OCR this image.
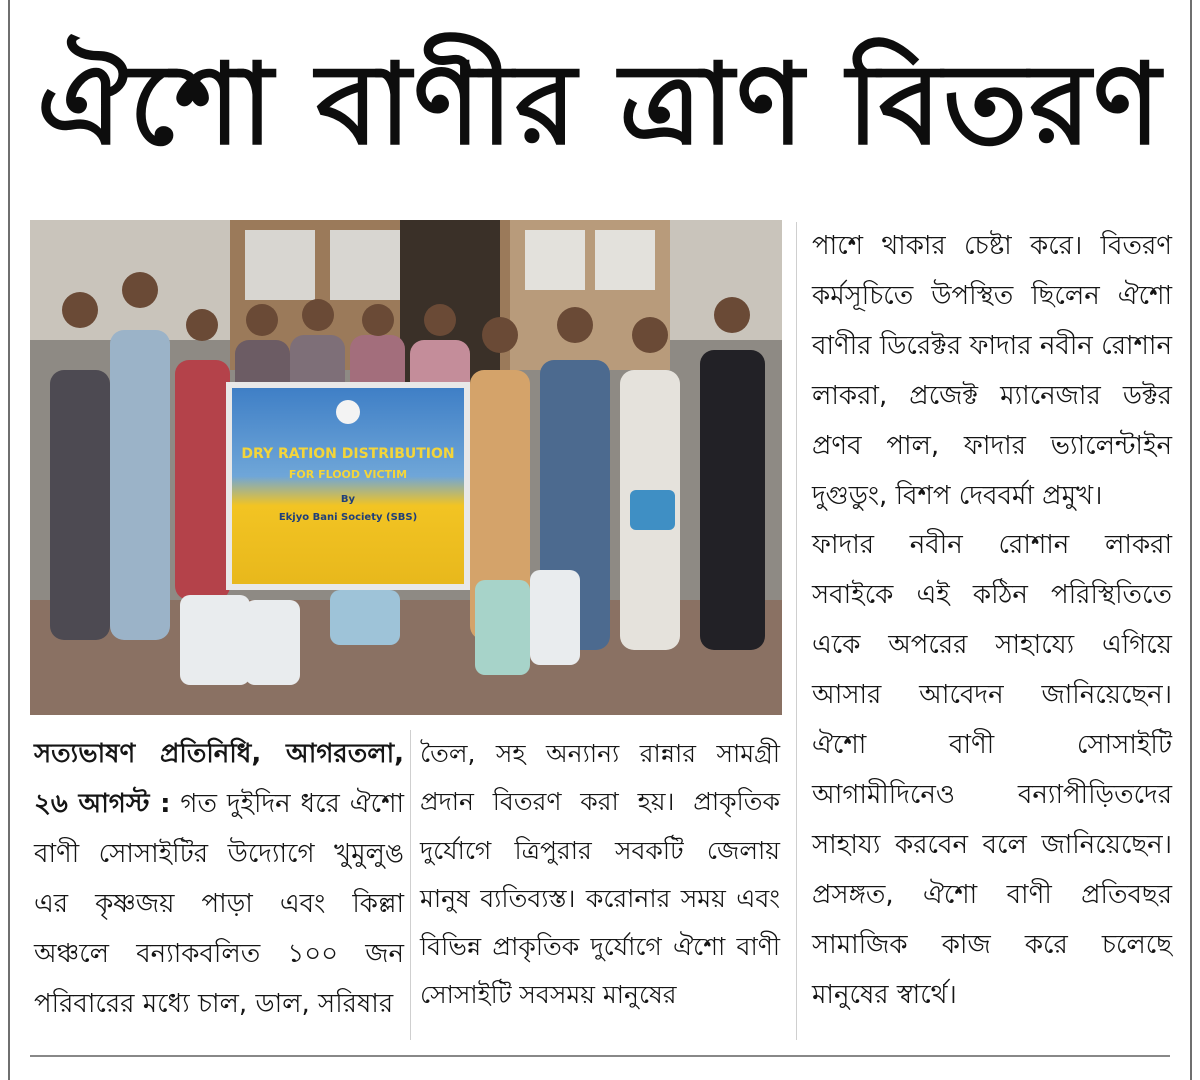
ঐশো বাণীর ত্রাণ বিতরণ
DRY RATION DISTRIBUTION
FOR FLOOD VICTIM
By
Ekjyo Bani Society (SBS)

সত্যভাষণ প্রতিনিধি, আগরতলা, ২৬ আগস্ট : গত দুইদিন ধরে ঐশো বাণী সোসাইটির উদ্যোগে খুমুলুঙ এর কৃষ্ণজয় পাড়া এবং কিল্লা অঞ্চলে বন্যাকবলিত ১০০ জন পরিবারের মধ্যে চাল, ডাল, সরিষার

তৈল, সহ অন্যান্য রান্নার সামগ্রী প্রদান বিতরণ করা হয়। প্রাকৃতিক দুর্যোগে ত্রিপুরার সবকটি জেলায় মানুষ ব্যতিব্যস্ত। করোনার সময় এবং বিভিন্ন প্রাকৃতিক দুর্যোগে ঐশো বাণী সোসাইটি সবসময় মানুষের

পাশে থাকার চেষ্টা করে। বিতরণ কর্মসূচিতে উপস্থিত ছিলেন ঐশো বাণীর ডিরেক্টর ফাদার নবীন রোশান লাকরা, প্রজেক্ট ম্যানেজার ডক্টর প্রণব পাল, ফাদার ভ্যালেন্টাইন দুগুডুং, বিশপ দেববর্মা প্রমুখ।

ফাদার নবীন রোশান লাকরা সবাইকে এই কঠিন পরিস্থিতিতে একে অপরের সাহায্যে এগিয়ে আসার আবেদন জানিয়েছেন। ঐশো বাণী সোসাইটি আগামীদিনেও বন্যাপীড়িতদের সাহায্য করবেন বলে জানিয়েছেন। প্রসঙ্গত, ঐশো বাণী প্রতিবছর সামাজিক কাজ করে চলেছে মানুষের স্বার্থে।
